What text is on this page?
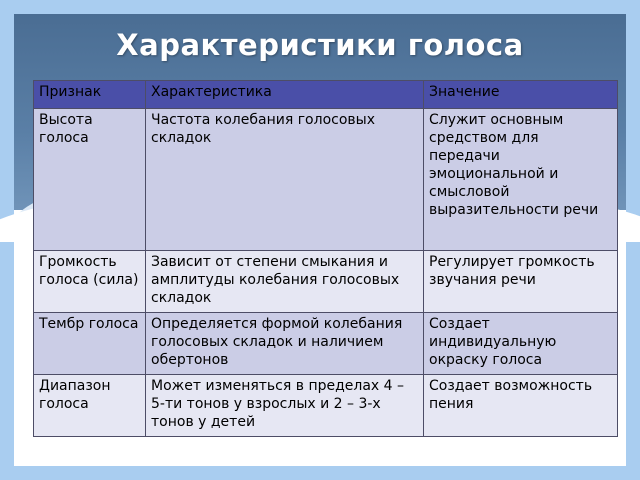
Характеристики голоса
Признак	Характеристика	Значение
Высота голоса	Частота колебания голосовых складок	Служит основным средством для передачи эмоциональной и смысловой выразительности речи
Громкость голоса (сила)	Зависит от степени смыкания и амплитуды колебания голосовых складок	Регулирует громкость звучания речи
Тембр голоса	Определяется формой колебания голосовых складок и наличием обертонов	Создает индивидуальную окраску голоса
Диапазон голоса	Может изменяться в пределах 4 – 5-ти тонов у взрослых и 2 – 3-х тонов у детей	Создает возможность пения
